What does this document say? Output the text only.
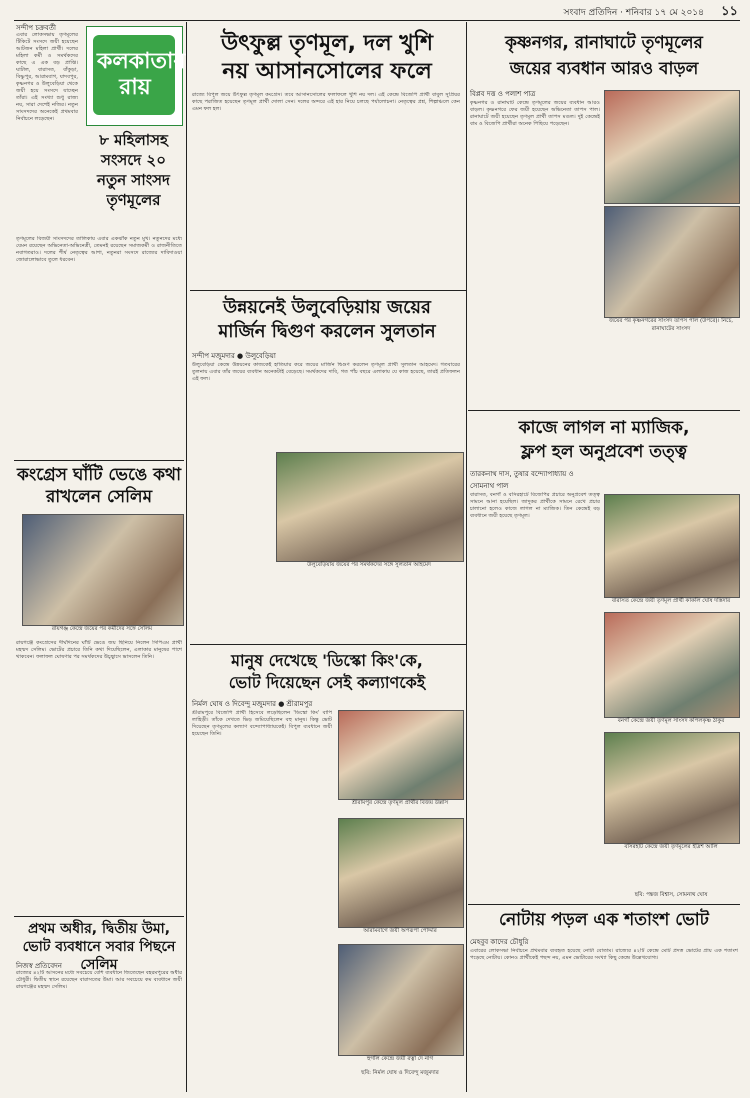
সংবাদ প্রতিদিন · শনিবার ১৭ মে ২০১৪ ১১
সন্দীপ চক্রবর্তী
এবার লোকসভায় তৃণমূলের টিকিটে সংসদে জয়ী হয়েছেন আটজন মহিলা প্রার্থী। দলের মহিলা কর্মী ও সমর্থকদের কাছে এ এক বড় প্রাপ্তি। ঘাটাল, বারাসত, বাঁকুড়া, বিষ্ণুপুর, আরামবাগ, যাদবপুর, কৃষ্ণনগর ও উলুবেড়িয়া থেকে জয়ী হয়ে সংসদে যাচ্ছেন তাঁরা। এই সংখ্যা শুধু রাজ্য নয়, সারা দেশেই নজির। নতুন সাংসদদের অনেকেই প্রথমবার নির্বাচনে লড়েছেন।
কলকাতার রায়
৮ মহিলাসহ সংসদে ২০ নতুন সাংসদ তৃণমূলের
তৃণমূলের বিজয়ী সাংসদদের তালিকায় এবার একঝাঁক নতুন মুখ। নতুনদের মধ্যে যেমন রয়েছেন অভিনেতা-অভিনেত্রী, তেমনই রয়েছেন সমাজকর্মী ও রাজনীতিতে নবাগতরাও। দলের শীর্ষ নেতৃত্বের আশা, নতুনরা সংসদে রাজ্যের দাবিদাওয়া জোরালোভাবে তুলে ধরবেন।
কংগ্রেস ঘাঁটি ভেঙে কথা রাখলেন সেলিম
রায়গঞ্জ কেন্দ্রে জয়ের পর কর্মীদের সঙ্গে সেলিম
রায়গঞ্জে কংগ্রেসের দীর্ঘদিনের ঘাঁটি ভেঙে জয় ছিনিয়ে নিলেন সিপিএম প্রার্থী মহম্মদ সেলিম। ভোটের প্রচারে তিনি কথা দিয়েছিলেন, এলাকার মানুষের পাশে থাকবেন। ফলাফল ঘোষণার পর সমর্থকদের উচ্ছ্বাসে ভাসলেন তিনি।
প্রথম অধীর, দ্বিতীয় উমা, ভোট ব্যবধানে সবার পিছনে সেলিম
নিজস্ব প্রতিবেদন
রাজ্যের ৪২টি আসনের মধ্যে সবচেয়ে বেশি ব্যবধানে জিতেছেন বহরমপুরের অধীর চৌধুরী। দ্বিতীয় স্থানে রয়েছেন বারাসতের উমা। আর সবচেয়ে কম ব্যবধানে জয়ী রায়গঞ্জের মহম্মদ সেলিম।
উৎফুল্ল তৃণমূল, দল খুশি
নয় আসানসোলের ফলে
রাজ্যে বিপুল জয়ে উৎফুল্ল তৃণমূল কংগ্রেস। তবে আসানসোলের ফলাফলে খুশি নয় দল। এই কেন্দ্রে বিজেপি প্রার্থী বাবুল সুপ্রিয়র কাছে পরাজিত হয়েছেন তৃণমূল প্রার্থী দোলা সেন। দলের অন্দরে এই হার নিয়ে চলছে পর্যালোচনা। নেতৃত্বের প্রশ্ন, শিল্পাঞ্চলে কেন এমন ফল হল।
উন্নয়নেই উলুবেড়িয়ায় জয়ের
মার্জিন দ্বিগুণ করলেন সুলতান
সন্দীপ মজুমদার ● উলুবেড়িয়া
উলুবেড়িয়া কেন্দ্রে উন্নয়নের কাজকেই হাতিয়ার করে জয়ের মার্জিন দ্বিগুণ করলেন তৃণমূল প্রার্থী সুলতান আহমেদ। গতবারের তুলনায় এবার তাঁর জয়ের ব্যবধান অনেকটাই বেড়েছে। সমর্থকদের দাবি, গত পাঁচ বছরে এলাকায় যে কাজ হয়েছে, তারই প্রতিফলন এই ফল।
উলুবেড়িয়ায় জয়ের পর সমর্থকদের সঙ্গে সুলতান আহমেদ
মানুষ দেখেছে 'ডিস্কো কিং'কে,
ভোট দিয়েছেন সেই কল্যাণকেই
নির্মল ঘোষ ও দিবেন্দু মজুমদার ● শ্রীরামপুর
শ্রীরামপুরে বিজেপি প্রার্থী হিসেবে লড়েছিলেন 'ডিস্কো কিং' বাপি লাহিড়ী। তাঁকে দেখতে ভিড় জমিয়েছিলেন বহু মানুষ। কিন্তু ভোট দিয়েছেন তৃণমূলের কল্যাণ বন্দ্যোপাধ্যায়কেই। বিপুল ব্যবধানে জয়ী হয়েছেন তিনি।
শ্রীরামপুর কেন্দ্রে তৃণমূল প্রার্থীর বিজয় উল্লাস
আরামবাগে জয়ী অপরূপা পোদ্দার
হুগলি কেন্দ্রে জয়ী রত্না দে নাগ
ছবি: নির্মল ঘোষ ও দিবেন্দু মজুমদার
কৃষ্ণনগর, রানাঘাটে তৃণমূলের
জয়ের ব্যবধান আরও বাড়ল
বিপ্লব দত্ত ও পলাশ পাত্র
কৃষ্ণনগর ও রানাঘাট কেন্দ্রে তৃণমূলের জয়ের ব্যবধান আরও বাড়ল। কৃষ্ণনগরে ফের জয়ী হয়েছেন অভিনেতা তাপস পাল। রানাঘাটে জয়ী হয়েছেন তৃণমূল প্রার্থী তাপস মণ্ডল। দুই কেন্দ্রেই বাম ও বিজেপি প্রার্থীরা অনেক পিছিয়ে পড়েছেন।
জয়ের পর কৃষ্ণনগরের সাংসদ তাপস পাল (উপরে)। নিচে, রানাঘাটের সাংসদ
কাজে লাগল না ম্যাজিক,
ফ্লপ হল অনুপ্রবেশ তত্ত্ব
তারকনাথ দাস, তুষার বন্দ্যোপাধ্যায় ও সোমনাথ পাল
বারাসত, বনগাঁ ও বসিরহাটে বিজেপির প্রচারে অনুপ্রবেশ তত্ত্ব সামনে আনা হয়েছিল। জাদুকর প্রার্থীকে সামনে রেখে প্রচার চালানো হলেও কাজে লাগল না ম্যাজিক। তিন কেন্দ্রেই বড় ব্যবধানে জয়ী হয়েছে তৃণমূল।
বারাসত কেন্দ্রে জয়ী তৃণমূল প্রার্থী কাকলি ঘোষ দস্তিদার
বনগাঁ কেন্দ্রে জয়ী তৃণমূল সাংসদ কপিলকৃষ্ণ ঠাকুর
বসিরহাট কেন্দ্রে জয়ী তৃণমূলের ইদ্রিশ আলি
ছবি: পঙ্কজ বিশ্বাস, সোমনাথ ঘোষ
নোটায় পড়ল এক শতাংশ ভোট
মেহবুব কাদের চৌধুরি
এবারের লোকসভা নির্বাচনে প্রথমবার ব্যবহৃত হয়েছে নোটা বোতাম। রাজ্যের ৪২টি কেন্দ্রে মোট প্রদত্ত ভোটের প্রায় এক শতাংশ পড়েছে নোটায়। কোনও প্রার্থীকেই পছন্দ নয়, এমন ভোটারের সংখ্যা কিছু কেন্দ্রে উল্লেখযোগ্য।
